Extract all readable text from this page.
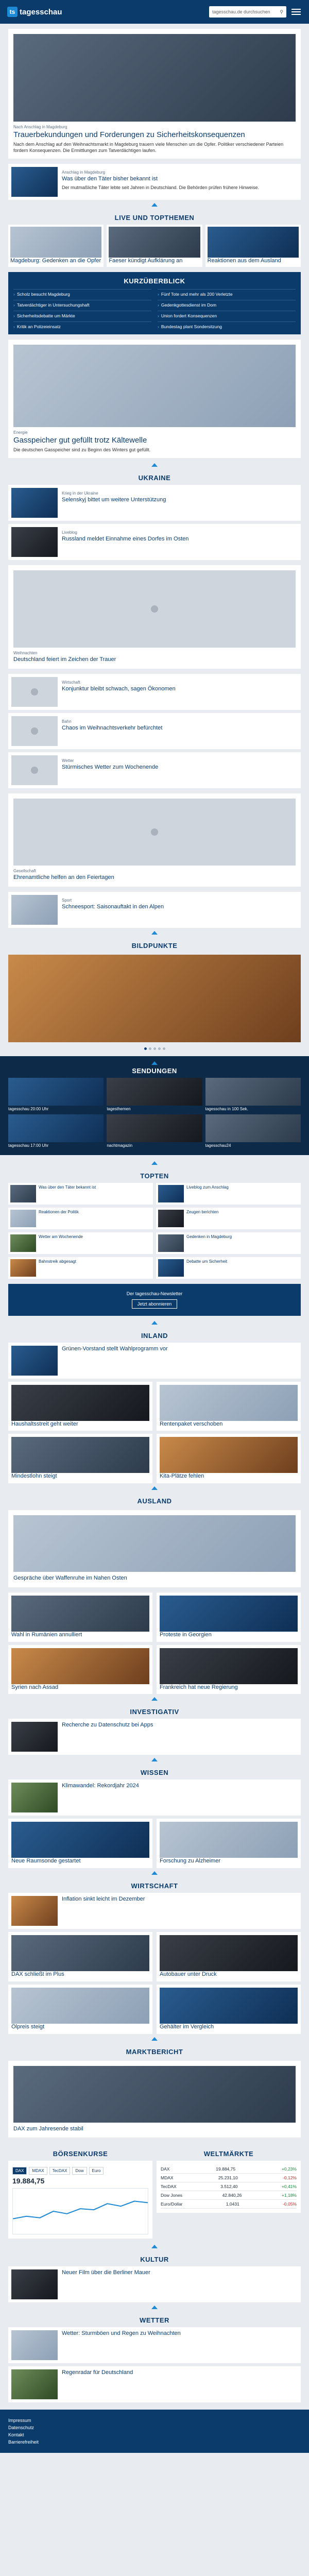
ts tagesschau	tagesschau.de durchsuchen ⚲
Nach Anschlag in Magdeburg
Trauerbekundungen und Forderungen zu Sicherheitskonsequenzen
Nach dem Anschlag auf den Weihnachtsmarkt in Magdeburg trauern viele Menschen um die Opfer. Politiker verschiedener Parteien fordern Konsequenzen. Die Ermittlungen zum Tatverdächtigen laufen.
Anschlag in Magdeburg
Was über den Täter bisher bekannt ist
Der mutmaßliche Täter lebte seit Jahren in Deutschland. Die Behörden prüfen frühere Hinweise.
LIVE UND TOPTHEMEN

Magdeburg: Gedenken an die Opfer Faeser kündigt Aufklärung an	Reaktionen aus dem Ausland

KURZÜBERBLICK
› Scholz besucht Magdeburg	› Fünf Tote und mehr als 200 Verletzte
› Tatverdächtiger in Untersuchungshaft	› Gedenkgottesdienst im Dom
› Sicherheitsdebatte um Märkte	› Union fordert Konsequenzen
› Kritik an Polizeieinsatz	› Bundestag plant Sondersitzung
Energie
Gasspeicher gut gefüllt trotz Kältewelle
Die deutschen Gasspeicher sind zu Beginn des Winters gut gefüllt.
UKRAINE
Krieg in der Ukraine
Selenskyj bittet um weitere Unterstützung
Liveblog
Russland meldet Einnahme eines Dorfes im Osten
Weihnachten
Deutschland feiert im Zeichen der Trauer
Wirtschaft
Konjunktur bleibt schwach, sagen Ökonomen
Bahn
Chaos im Weihnachtsverkehr befürchtet
Wetter
Stürmisches Wetter zum Wochenende
Gesellschaft
Ehrenamtliche helfen an den Feiertagen
Sport
Schneesport: Saisonauftakt in den Alpen
BILDPUNKTE
SENDUNGEN

tagesschau 20:00 Uhr	tagesthemen	tagesschau in 100 Sek.

tagesschau 17:00 Uhr	nachtmagazin	tagesschau24

TOPTEN

Was über den Täter bekannt ist	Liveblog zum Anschlag

Reaktionen der Politik	Zeugen berichten

Wetter am Wochenende	Gedenken in Magdeburg

Bahnstreik abgesagt	Debatte um Sicherheit

Der tagesschau-Newsletter
Jetzt abonnieren
INLAND
Grünen-Vorstand stellt Wahlprogramm vor

Haushaltsstreit geht weiter	Rentenpaket verschoben

Mindestlohn steigt	Kita-Plätze fehlen

AUSLAND
Gespräche über Waffenruhe im Nahen Osten

Wahl in Rumänien annulliert	Proteste in Georgien

Syrien nach Assad	Frankreich hat neue Regierung

INVESTIGATIV
Recherche zu Datenschutz bei Apps
WISSEN
Klimawandel: Rekordjahr 2024

Neue Raumsonde gestartet	Forschung zu Alzheimer

WIRTSCHAFT
Inflation sinkt leicht im Dezember

DAX schließt im Plus	Autobauer unter Druck

Ölpreis steigt	Gehälter im Vergleich

MARKTBERICHT
DAX zum Jahresende stabil
BÖRSENKURSE
DAX	MDAX	TecDAX	Dow	Euro
19.884,75
WELTMÄRKTE
DAX	19.884,75	+0,23%
MDAX	25.231,10	-0,12%
TecDAX	3.512,40	+0,41%
Dow Jones	42.840,26	+1,18%
Euro/Dollar	1,0431	-0,05%
KULTUR
Neuer Film über die Berliner Mauer
WETTER
Wetter: Sturmböen und Regen zu Weihnachten
Regenradar für Deutschland
Impressum
Datenschutz
Kontakt
Barrierefreiheit
